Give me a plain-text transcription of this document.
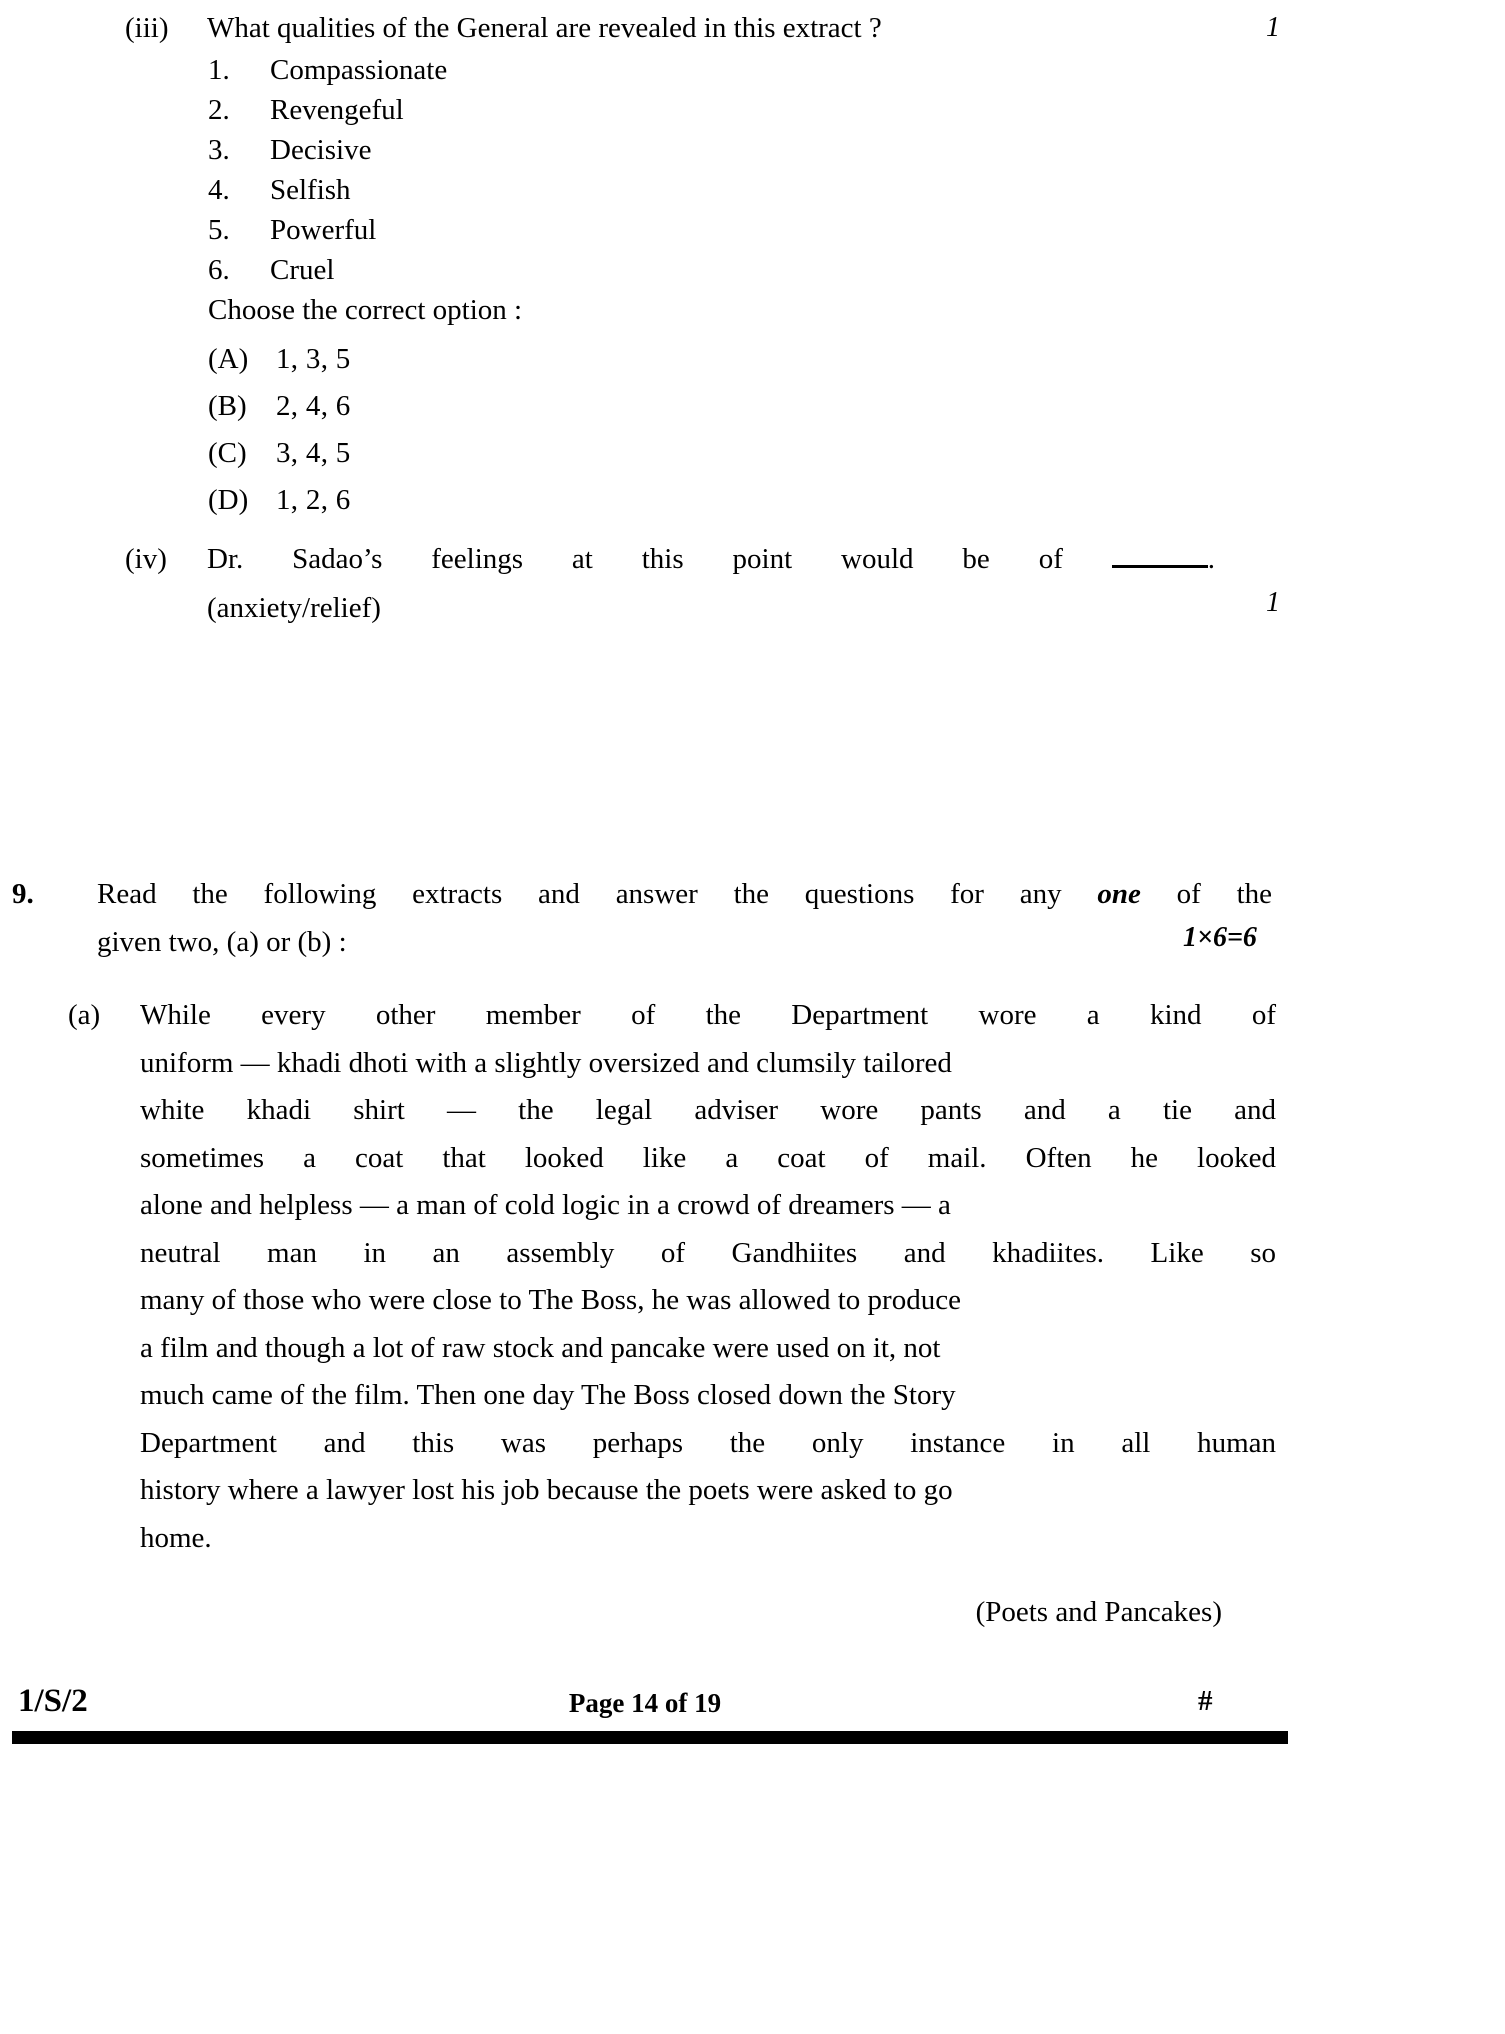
(iii)	What qualities of the General are revealed in this extract ?	1
1.	Compassionate
2.	Revengeful
3.	Decisive
4.	Selfish
5.	Powerful
6.	Cruel
Choose the correct option :
(A) 1, 3, 5
(B)	2, 4, 6
(C)	3, 4, 5
(D) 1, 2, 6
(iv)	Dr. Sadao’s feelings at this point would be of	.
(anxiety/relief)	1
9.	Read the following extracts and answer the questions for any one of the
given two, (a) or (b) :	1×6=6
(a)	While every other member of the Department wore a kind of
uniform — khadi dhoti with a slightly oversized and clumsily tailored
white khadi shirt — the legal adviser wore pants and a tie and
sometimes a coat that looked like a coat of mail. Often he looked
alone and helpless — a man of cold logic in a crowd of dreamers — a
neutral man in an assembly of Gandhiites and khadiites. Like so
many of those who were close to The Boss, he was allowed to produce
a film and though a lot of raw stock and pancake were used on it, not
much came of the film. Then one day The Boss closed down the Story
Department and this was perhaps the only instance in all human
history where a lawyer lost his job because the poets were asked to go
home.
(Poets and Pancakes)
1/S/2	Page 14 of 19	#
